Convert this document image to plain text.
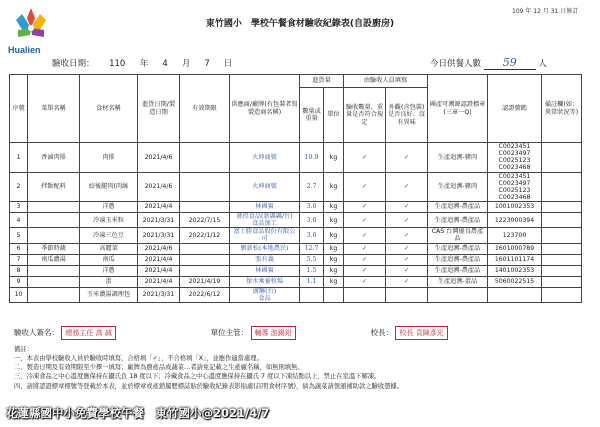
Hualien
109 年 12 月 31 日修訂
東竹國小　學校午餐食材驗收紀錄表(自設廚房)
驗收日期： 110 年 4 月 7 日	今日供餐人數 59	人
序號	菜單名稱	食材名稱	進貨日期/製造日期	有效期限	供應商/廠牌(有包裝者寫製造商名稱)	進貨量		由驗收人員填寫		國產可溯源認證標章(三章一Q)	認證號碼	備註欄(如：異常狀況等)
						數量或重量	單位	驗收數量、重量是否符合規定	外觀(含包裝)是否良好、沒有異味			
1	香滷肉排	肉排	2021/4/6		火坤商號	10.9	kg	✓	✓	生產追溯-豬肉	C0023451
C0023497
C0025123
C0023468	
2	拌飯配料	絞後腿肉(肉絲	2021/4/6		火坤商號	2.7	kg	✓	✓	生產追溯-豬肉	C0023451
C0023497
C0025123
C0023468	
3		洋蔥	2021/4/4		林國賓	3.6	kg	✓	✓	生產追溯-農產品	1001002353	
4		冷凍玉米粒	2021/3/31	2022/7/15	發投食品(新縣縣/台)
食品加工	3.6	kg	✓	✓	生產追溯-農產品	1223000394	
5		冷凍三色豆	2021/3/31	2022/1/12	富士勝食品股份有限公司	3.6	kg	✓	✓	CAS 台灣優良農產品	123700	
6	季節時蔬	高麗菜	2021/4/6		劉新松(本地農民)	12.7	kg	✓	✓	生產追溯-農產品	1601000789	
7	南瓜濃湯	南瓜	2021/4/4		張有義	5.5	kg	✓	✓	生產追溯-農產品	1601101174	
8		洋蔥	2021/4/4		林國賓	1.5	kg	✓	✓	生產追溯-農產品	1401002353	
9		蛋	2021/4/4	2021/4/19	保水乘養牧場	1.1	kg	✓	✓	生產追溯-蛋品	5060022515	
10		玉米濃湯調理包	2021/3/31	2022/6/12	廣聯(台)
食品							
驗收人簽名： 總務主任 高 誠	單位主管： 輔導 游錫鉛	校長： 校長 袁陳彥光
備註：
一、本表由學校驗收人員於驗收時填寫，合格填「✓」，不合格填「X」，並應作適當處理。
二、製造日期及有效期限至少擇一填寫；廠牌為農產品或蔬菜…者請免記載之生產廠名稱，如無則填無。
三、冷凍食品之中心溫度應保持在攝氏負 18 度以下；冷藏食品之中心溫度應保持在攝氏 7 度以下凍結點以上，禁止在室溫下解凍。
四、請將認證標章標號等登載於本表，並於標章或產銷履歷標誌貼於驗收紀錄表影貼處(註明食材序號)，倘為蔬菜請領頒補助款之驗收憑據。
花蓮縣國中小免費學校午餐　東竹國小@2021/4/7
